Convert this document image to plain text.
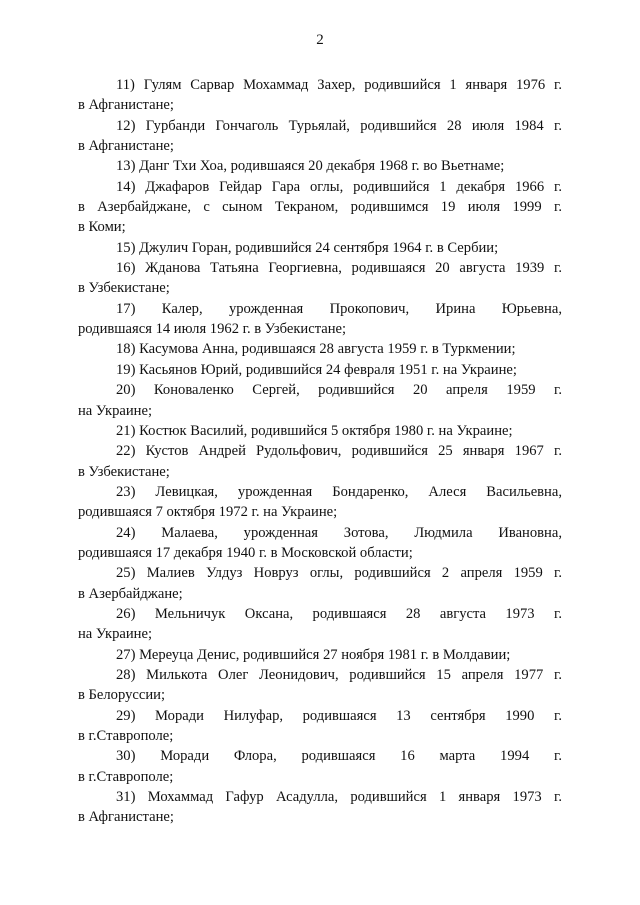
2
11) Гулям Сарвар Мохаммад Захер, родившийся 1 января 1976 г.
в Афганистане;
12) Гурбанди Гончаголь Турьялай, родившийся 28 июля 1984 г.
в Афганистане;
13) Данг Тхи Хоа, родившаяся 20 декабря 1968 г. во Вьетнаме;
14) Джафаров Гейдар Гара оглы, родившийся 1 декабря 1966 г.
в Азербайджане, с сыном Текраном, родившимся 19 июля 1999 г.
в Коми;
15) Джулич Горан, родившийся 24 сентября 1964 г. в Сербии;
16) Жданова Татьяна Георгиевна, родившаяся 20 августа 1939 г.
в Узбекистане;
17) Калер, урожденная Прокопович, Ирина Юрьевна,
родившаяся 14 июля 1962 г. в Узбекистане;
18) Касумова Анна, родившаяся 28 августа 1959 г. в Туркмении;
19) Касьянов Юрий, родившийся 24 февраля 1951 г. на Украине;
20) Коноваленко Сергей, родившийся 20 апреля 1959 г.
на Украине;
21) Костюк Василий, родившийся 5 октября 1980 г. на Украине;
22) Кустов Андрей Рудольфович, родившийся 25 января 1967 г.
в Узбекистане;
23) Левицкая, урожденная Бондаренко, Алеся Васильевна,
родившаяся 7 октября 1972 г. на Украине;
24) Малаева, урожденная Зотова, Людмила Ивановна,
родившаяся 17 декабря 1940 г. в Московской области;
25) Малиев Улдуз Новруз оглы, родившийся 2 апреля 1959 г.
в Азербайджане;
26) Мельничук Оксана, родившаяся 28 августа 1973 г.
на Украине;
27) Мереуца Денис, родившийся 27 ноября 1981 г. в Молдавии;
28) Милькота Олег Леонидович, родившийся 15 апреля 1977 г.
в Белоруссии;
29) Моради Нилуфар, родившаяся 13 сентября 1990 г.
в г.Ставрополе;
30) Моради Флора, родившаяся 16 марта 1994 г.
в г.Ставрополе;
31) Мохаммад Гафур Асадулла, родившийся 1 января 1973 г.
в Афганистане;
